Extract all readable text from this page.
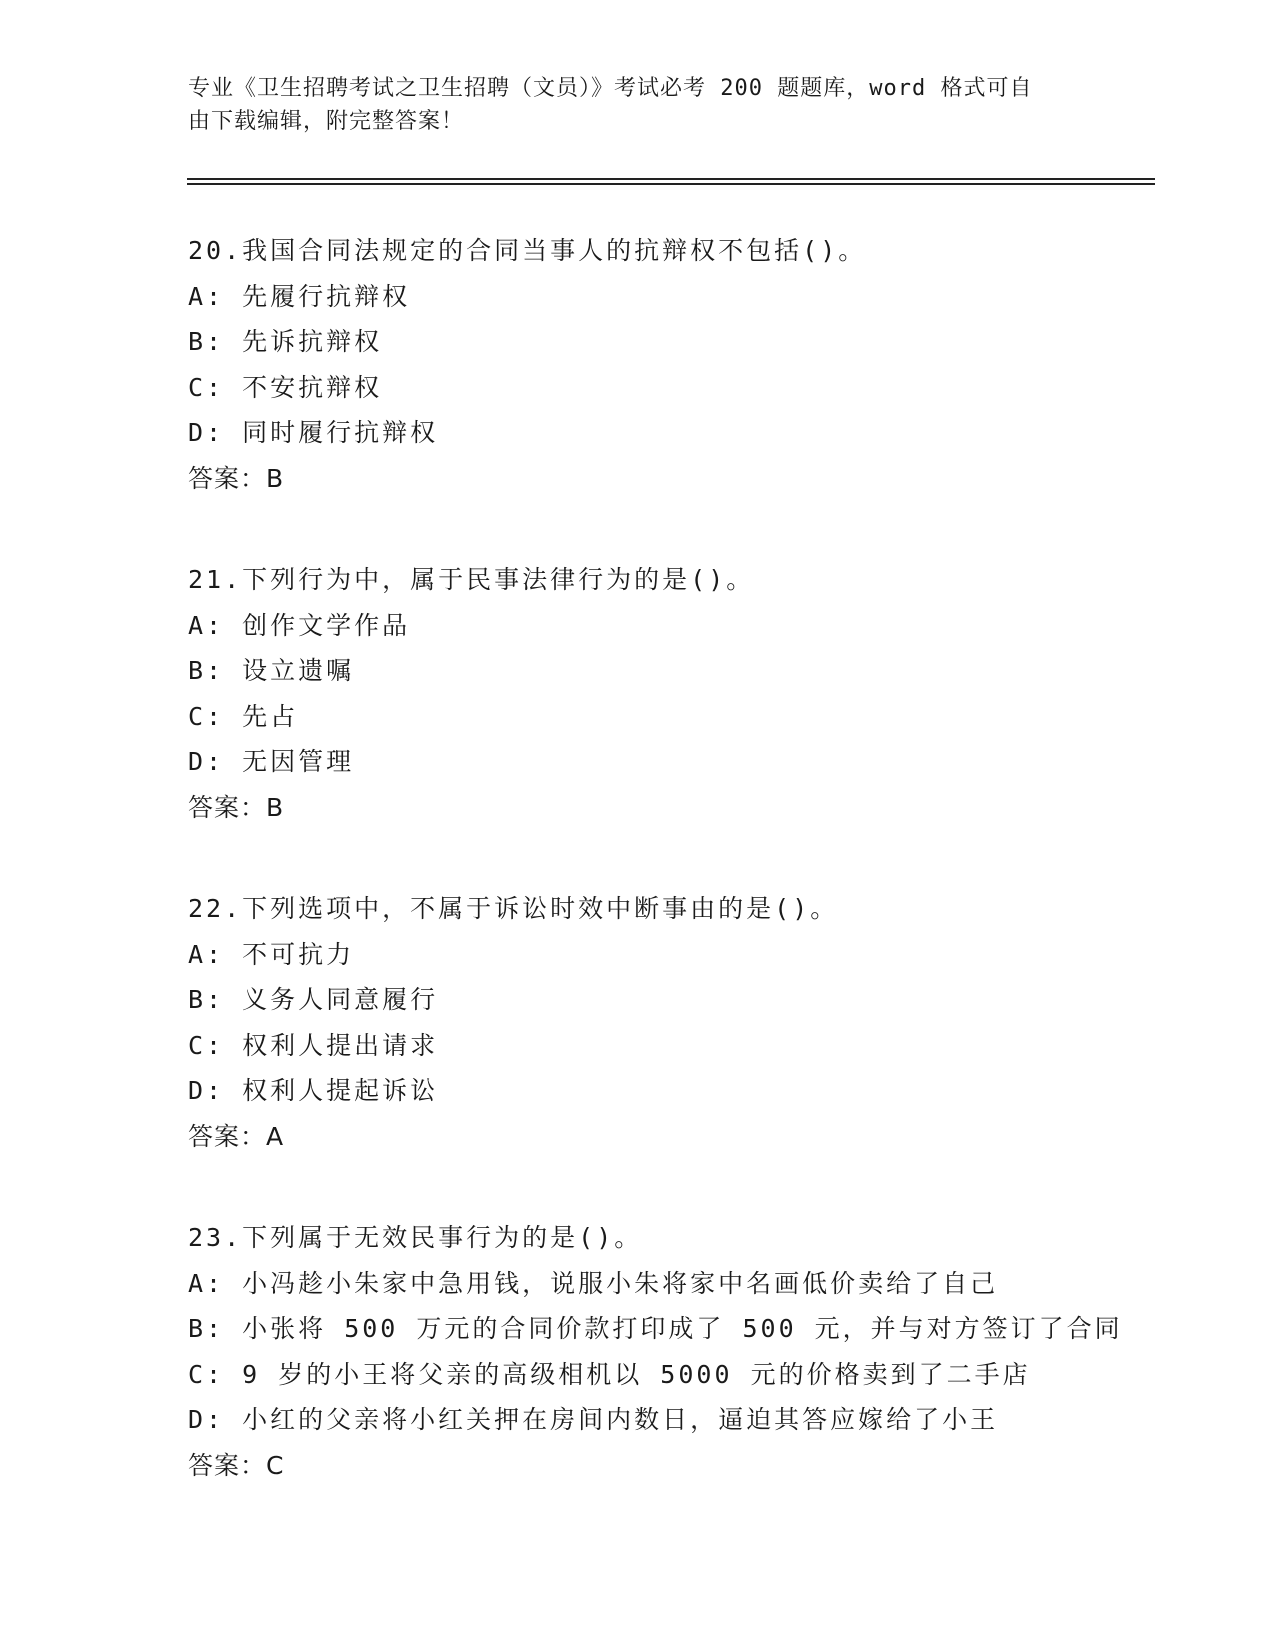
专业《卫生招聘考试之卫生招聘（文员）》考试必考 200 题题库，word 格式可自
由下载编辑，附完整答案！
20.我国合同法规定的合同当事人的抗辩权不包括()。
A: 先履行抗辩权
B: 先诉抗辩权
C: 不安抗辩权
D: 同时履行抗辩权
答案：B
21.下列行为中，属于民事法律行为的是()。
A: 创作文学作品
B: 设立遗嘱
C: 先占
D: 无因管理
答案：B
22.下列选项中，不属于诉讼时效中断事由的是()。
A: 不可抗力
B: 义务人同意履行
C: 权利人提出请求
D: 权利人提起诉讼
答案：A
23.下列属于无效民事行为的是()。
A: 小冯趁小朱家中急用钱，说服小朱将家中名画低价卖给了自己
B: 小张将 500 万元的合同价款打印成了 500 元，并与对方签订了合同
C: 9 岁的小王将父亲的高级相机以 5000 元的价格卖到了二手店
D: 小红的父亲将小红关押在房间内数日，逼迫其答应嫁给了小王
答案：C
